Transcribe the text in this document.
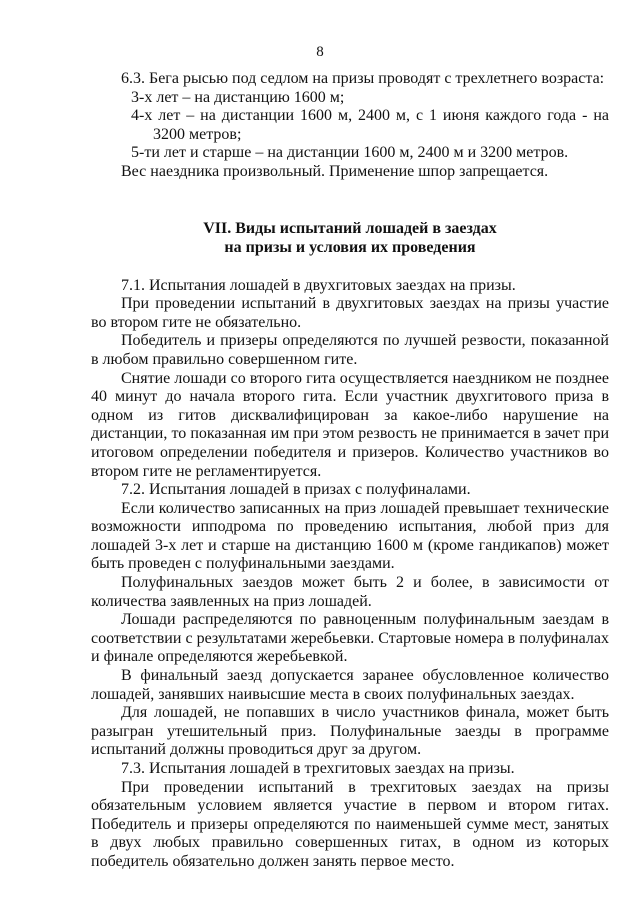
8

6.3. Бега рысью под седлом на призы проводят с трехлетнего возраста:

3-х лет – на дистанцию 1600 м;

4-х лет – на дистанции 1600 м, 2400 м, с 1 июня каждого года - на 3200 метров;

5-ти лет и старше – на дистанции 1600 м, 2400 м и 3200 метров.

Вес наездника произвольный. Применение шпор запрещается.

VII. Виды испытаний лошадей в заездах
на призы и условия их проведения

7.1. Испытания лошадей в двухгитовых заездах на призы.

При проведении испытаний в двухгитовых заездах на призы участие во втором гите не обязательно.

Победитель и призеры определяются по лучшей резвости, показанной в любом правильно совершенном гите.

Снятие лошади со второго гита осуществляется наездником не позднее 40 минут до начала второго гита. Если участник двухгитового приза в одном из гитов дисквалифицирован за какое-либо нарушение на дистанции, то показанная им при этом резвость не принимается в зачет при итоговом определении победителя и призеров. Количество участников во втором гите не регламентируется.

7.2. Испытания лошадей в призах с полуфиналами.

Если количество записанных на приз лошадей превышает технические возможности ипподрома по проведению испытания, любой приз для лошадей 3-х лет и старше на дистанцию 1600 м (кроме гандикапов) может быть проведен с полуфинальными заездами.

Полуфинальных заездов может быть 2 и более, в зависимости от количества заявленных на приз лошадей.

Лошади распределяются по равноценным полуфинальным заездам в соответствии с результатами жеребьевки. Стартовые номера в полуфиналах и финале определяются жеребьевкой.

В финальный заезд допускается заранее обусловленное количество лошадей, занявших наивысшие места в своих полуфинальных заездах.

Для лошадей, не попавших в число участников финала, может быть разыгран утешительный приз. Полуфинальные заезды в программе испытаний должны проводиться друг за другом.

7.3. Испытания лошадей в трехгитовых заездах на призы.

При проведении испытаний в трехгитовых заездах на призы обязательным условием является участие в первом и втором гитах. Победитель и призеры определяются по наименьшей сумме мест, занятых в двух любых правильно совершенных гитах, в одном из которых победитель обязательно должен занять первое место.
